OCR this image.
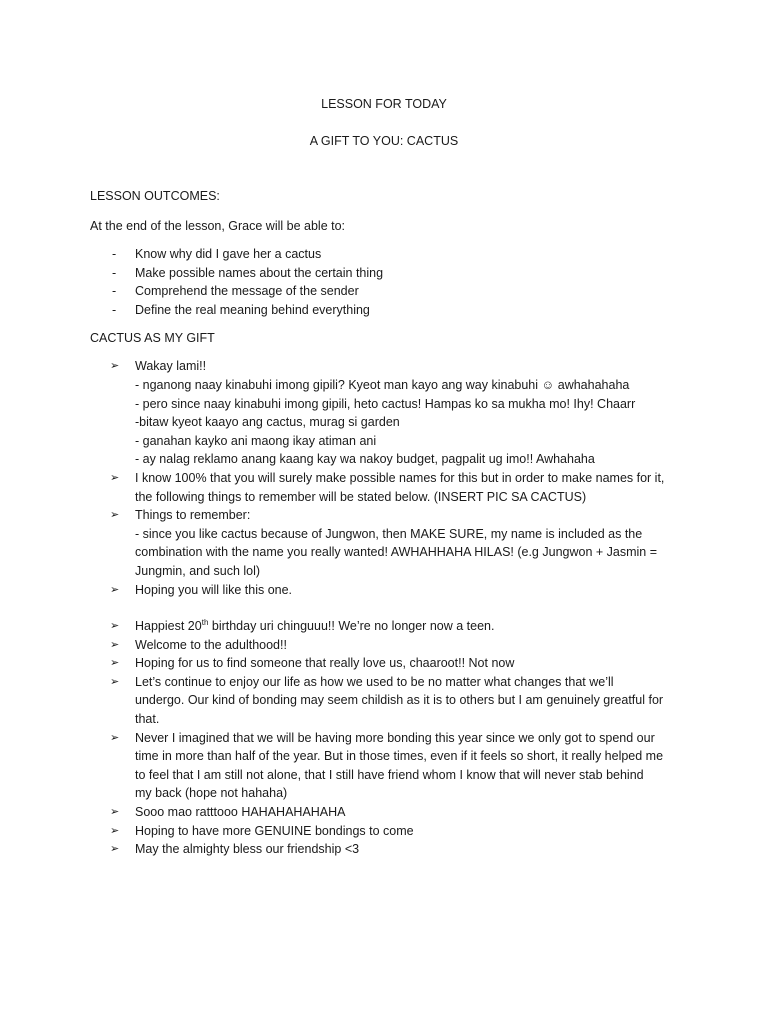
LESSON FOR TODAY
A GIFT TO YOU: CACTUS
LESSON OUTCOMES:
At the end of the lesson, Grace will be able to:
- Know why did I gave her a cactus
- Make possible names about the certain thing
- Comprehend the message of the sender
- Define the real meaning behind everything
CACTUS AS MY GIFT
➢ Wakay lami!!
- nganong naay kinabuhi imong gipili? Kyeot man kayo ang way kinabuhi ☺ awhahahaha
- pero since naay kinabuhi imong gipili, heto cactus! Hampas ko sa mukha mo! Ihy! Chaarr
-bitaw kyeot kaayo ang cactus, murag si garden
- ganahan kayko ani maong ikay atiman ani
- ay nalag reklamo anang kaang kay wa nakoy budget, pagpalit ug imo!! Awhahaha
➢ I know 100% that you will surely make possible names for this but in order to make names for it,
the following things to remember will be stated below. (INSERT PIC SA CACTUS)
➢ Things to remember:
- since you like cactus because of Jungwon, then MAKE SURE, my name is included as the
combination with the name you really wanted! AWHAHHAHA HILAS! (e.g Jungwon + Jasmin =
Jungmin, and such lol)
➢ Hoping you will like this one.
➢ Happiest 20th birthday uri chinguuu!! We’re no longer now a teen.
➢ Welcome to the adulthood!!
➢ Hoping for us to find someone that really love us, chaaroot!! Not now
➢ Let’s continue to enjoy our life as how we used to be no matter what changes that we’ll
undergo. Our kind of bonding may seem childish as it is to others but I am genuinely greatful for
that.
➢ Never I imagined that we will be having more bonding this year since we only got to spend our
time in more than half of the year. But in those times, even if it feels so short, it really helped me
to feel that I am still not alone, that I still have friend whom I know that will never stab behind
my back (hope not hahaha)
➢ Sooo mao ratttooo HAHAHAHAHAHA
➢ Hoping to have more GENUINE bondings to come
➢ May the almighty bless our friendship <3
